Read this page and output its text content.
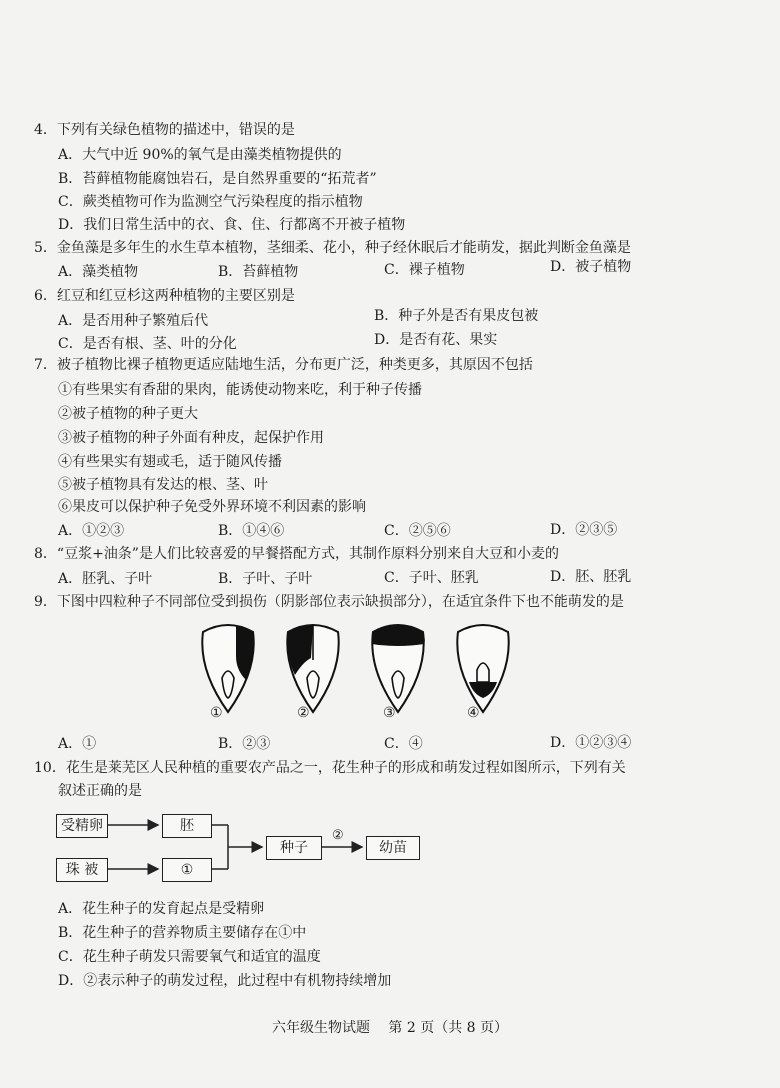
4．下列有关绿色植物的描述中，错误的是
A．大气中近 90%的氧气是由藻类植物提供的
B．苔藓植物能腐蚀岩石，是自然界重要的“拓荒者”
C．蕨类植物可作为监测空气污染程度的指示植物
D．我们日常生活中的衣、食、住、行都离不开被子植物
5．金鱼藻是多年生的水生草本植物，茎细柔、花小，种子经休眠后才能萌发，据此判断金鱼藻是
A．藻类植物	B．苔藓植物	C．裸子植物	D．被子植物
6．红豆和红豆杉这两种植物的主要区别是
A．是否用种子繁殖后代	B．种子外是否有果皮包被
C．是否有根、茎、叶的分化	D．是否有花、果实
7．被子植物比裸子植物更适应陆地生活，分布更广泛，种类更多，其原因不包括
①有些果实有香甜的果肉，能诱使动物来吃，利于种子传播
②被子植物的种子更大
③被子植物的种子外面有种皮，起保护作用
④有些果实有翅或毛，适于随风传播
⑤被子植物具有发达的根、茎、叶
⑥果皮可以保护种子免受外界环境不利因素的影响
A．①②③	B．①④⑥	C．②⑤⑥	D．②③⑤
8．“豆浆+油条”是人们比较喜爱的早餐搭配方式，其制作原料分别来自大豆和小麦的
A．胚乳、子叶	B．子叶、子叶	C．子叶、胚乳	D．胚、胚乳
9．下图中四粒种子不同部位受到损伤（阴影部位表示缺损部分），在适宜条件下也不能萌发的是
①	②	③	④
A．①	B．②③	C．④	D．①②③④
10．花生是莱芜区人民种植的重要农产品之一，花生种子的形成和萌发过程如图所示，下列有关
叙述正确的是
受精卵	胚
珠 被	①
种子
②
幼苗
A．花生种子的发育起点是受精卵
B．花生种子的营养物质主要储存在①中
C．花生种子萌发只需要氧气和适宜的温度
D．②表示种子的萌发过程，此过程中有机物持续增加
六年级生物试题　 第 2 页（共 8 页）
